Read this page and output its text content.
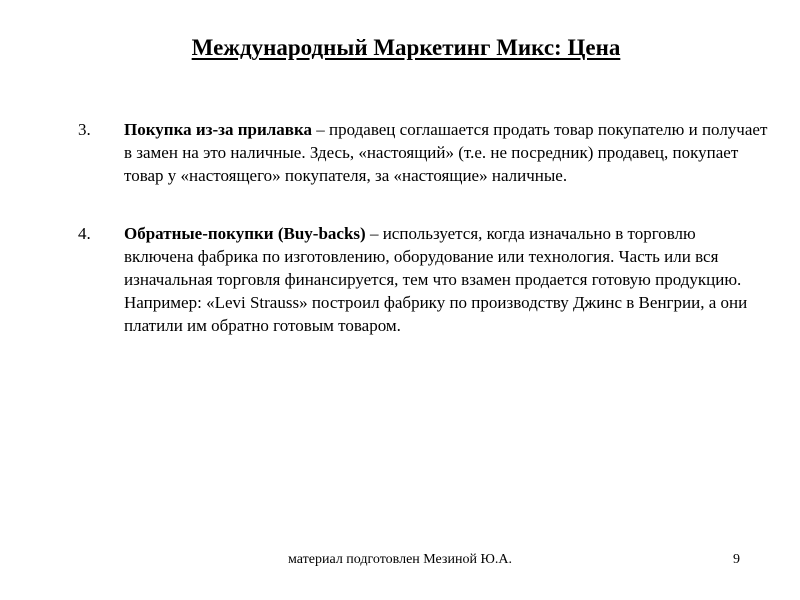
Международный Маркетинг Микс: Цена
3. Покупка из-за прилавка – продавец соглашается продать товар покупателю и получает в замен на это наличные. Здесь, «настоящий» (т.е. не посредник) продавец, покупает товар у «настоящего» покупателя, за «настоящие» наличные.
4. Обратные-покупки (Buy-backs) – используется, когда изначально в торговлю включена фабрика по изготовлению, оборудование или технология. Часть или вся изначальная торговля финансируется, тем что взамен продается готовую продукцию. Например: «Levi Strauss» построил фабрику по производству Джинс в Венгрии, а они платили им обратно готовым товаром.
материал подготовлен Мезиной Ю.А.	9
